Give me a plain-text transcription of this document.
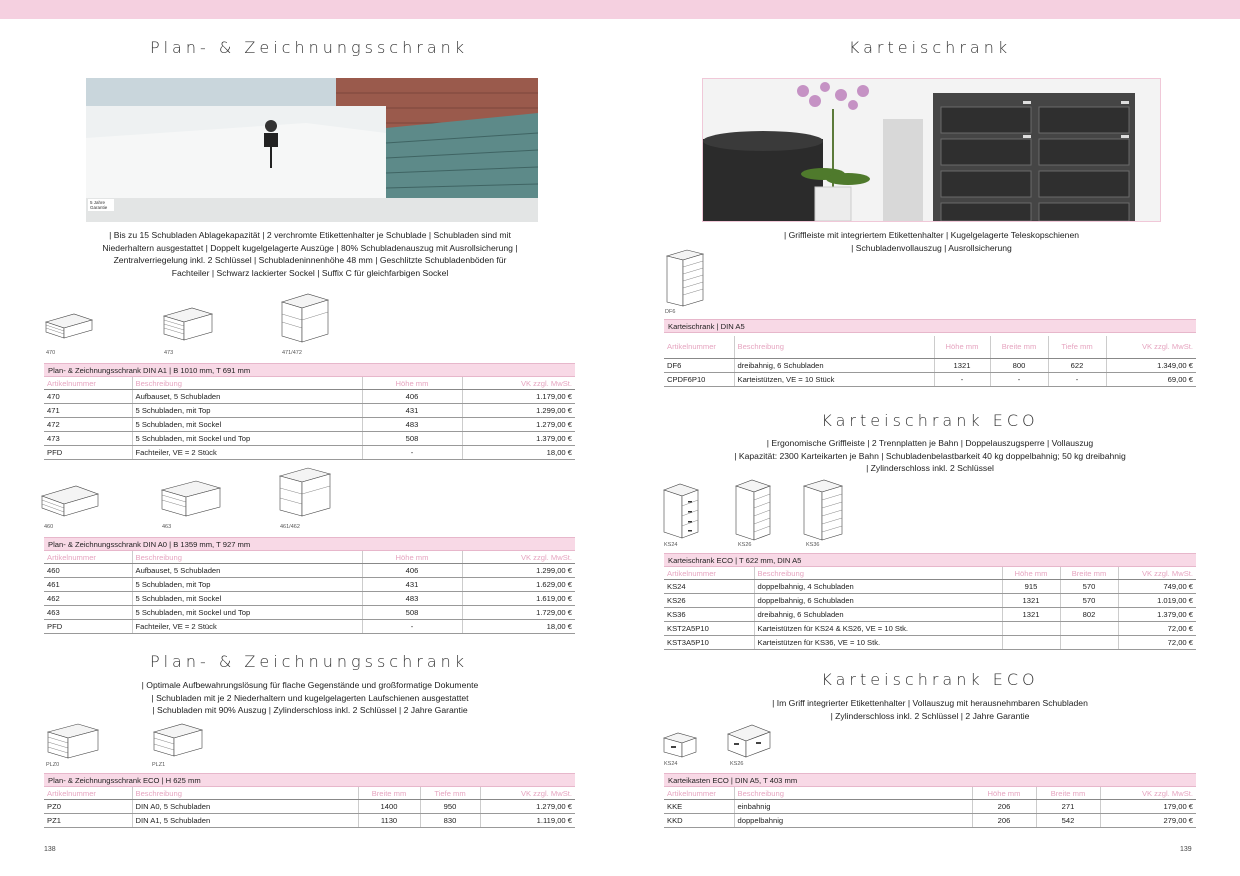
Plan- & Zeichnungsschrank
5 Jahre Garantie
| Bis zu 15 Schubladen Ablagekapazität | 2 verchromte Etikettenhalter je Schublade | Schubladen sind mit Niederhaltern ausgestattet | Doppelt kugelgelagerte Auszüge | 80% Schubladenauszug mit Ausrollsicherung | Zentralverriegelung inkl. 2 Schlüssel | Schubladeninnenhöhe 48 mm | Geschlitzte Schubladenböden für Fachteiler | Schwarz lackierter Sockel | Suffix C für gleichfarbigen Sockel
470	473	471/472
Plan- & Zeichnungsschrank DIN A1 | B 1010 mm, T 691 mm
Artikelnummer	Beschreibung	Höhe mm	VK zzgl. MwSt.
470	Aufbauset, 5 Schubladen	406	1.179,00 €
471	5 Schubladen, mit Top	431	1.299,00 €
472	5 Schubladen, mit Sockel	483	1.279,00 €
473	5 Schubladen, mit Sockel und Top	508	1.379,00 €
PFD	Fachteiler, VE = 2 Stück	-	18,00 €
460	463	461/462
Plan- & Zeichnungsschrank DIN A0 | B 1359 mm, T 927 mm
Artikelnummer	Beschreibung	Höhe mm	VK zzgl. MwSt.
460	Aufbauset, 5 Schubladen	406	1.299,00 €
461	5 Schubladen, mit Top	431	1.629,00 €
462	5 Schubladen, mit Sockel	483	1.619,00 €
463	5 Schubladen, mit Sockel und Top	508	1.729,00 €
PFD	Fachteiler, VE = 2 Stück	-	18,00 €
Plan- & Zeichnungsschrank
| Optimale Aufbewahrungslösung für flache Gegenstände und großformatige Dokumente
| Schubladen mit je 2 Niederhaltern und kugelgelagerten Laufschienen ausgestattet
| Schubladen mit 90% Auszug | Zylinderschloss inkl. 2 Schlüssel | 2 Jahre Garantie
PLZ0	PLZ1
Plan- & Zeichnungsschrank ECO | H 625 mm
Artikelnummer	Beschreibung	Breite mm	Tiefe mm	VK zzgl. MwSt.
PZ0	DIN A0, 5 Schubladen	1400	950	1.279,00 €
PZ1	DIN A1, 5 Schubladen	1130	830	1.119,00 €
138
Karteischrank
| Griffleiste mit integriertem Etikettenhalter | Kugelgelagerte Teleskopschienen
| Schubladenvollauszug | Ausrollsicherung
DF6
Karteischrank | DIN A5
Artikelnummer	Beschreibung	Höhe mm	Breite mm	Tiefe mm	VK zzgl. MwSt.
DF6	dreibahnig, 6 Schubladen	1321	800	622	1.349,00 €
CPDF6P10	Karteistützen, VE = 10 Stück	-	-	-	69,00 €
Karteischrank ECO
| Ergonomische Griffleiste | 2 Trennplatten je Bahn | Doppelauszugsperre | Vollauszug
| Kapazität: 2300 Karteikarten je Bahn | Schubladenbelastbarkeit 40 kg doppelbahnig; 50 kg dreibahnig
| Zylinderschloss inkl. 2 Schlüssel
KS24	KS26	KS36
Karteischrank ECO | T 622 mm, DIN A5
Artikelnummer	Beschreibung	Höhe mm	Breite mm	VK zzgl. MwSt.
KS24	doppelbahnig, 4 Schubladen	915	570	749,00 €
KS26	doppelbahnig, 6 Schubladen	1321	570	1.019,00 €
KS36	dreibahnig, 6 Schubladen	1321	802	1.379,00 €
KST2A5P10	Karteistützen für KS24 & KS26, VE = 10 Stk.			72,00 €
KST3A5P10	Karteistützen für KS36, VE = 10 Stk.			72,00 €
Karteischrank ECO
| Im Griff integrierter Etikettenhalter | Vollauszug mit herausnehmbaren Schubladen
| Zylinderschloss inkl. 2 Schlüssel | 2 Jahre Garantie
KS24	KS26
Karteikasten ECO | DIN A5, T 403 mm
Artikelnummer	Beschreibung	Höhe mm	Breite mm	VK zzgl. MwSt.
KKE	einbahnig	206	271	179,00 €
KKD	doppelbahnig	206	542	279,00 €
139
